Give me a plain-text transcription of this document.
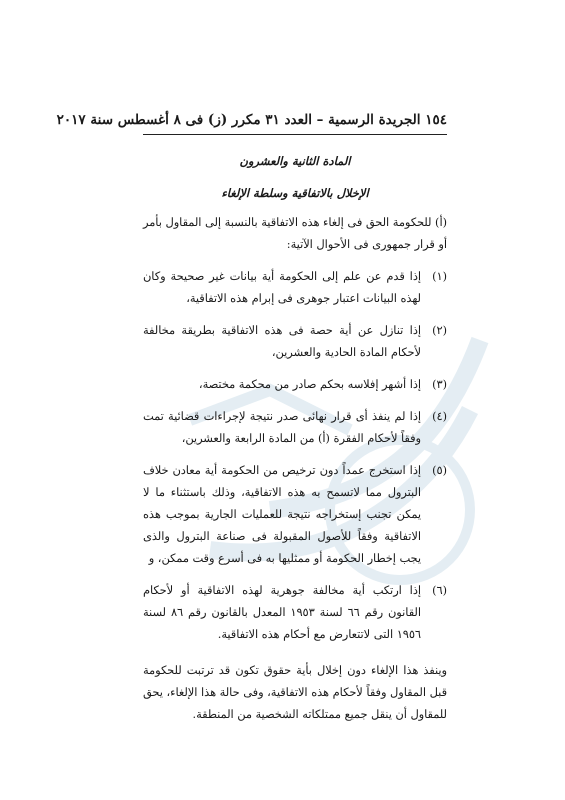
١٥٤ الجريدة الرسمية – العدد ٣١ مكرر (ز) فى ٨ أغسطس سنة ٢٠١٧

المادة الثانية والعشرون

الإخلال بالاتفاقية وسلطة الإلغاء

(أ) للحكومة الحق فى إلغاء هذه الاتفاقية بالنسبة إلى المقاول بأمر أو قرار جمهورى فى الأحوال الآتية:

(١)
إذا قدم عن علم إلى الحكومة أية بيانات غير صحيحة وكان لهذه البيانات اعتبار جوهرى فى إبرام هذه الاتفاقية،
(٢)
إذا تنازل عن أية حصة فى هذه الاتفاقية بطريقة مخالفة لأحكام المادة الحادية والعشرين،
(٣)
إذا أشهر إفلاسه بحكم صادر من محكمة مختصة،
(٤)
إذا لم ينفذ أى قرار نهائى صدر نتيجة لإجراءات قضائية تمت وفقاً لأحكام الفقرة (أ) من المادة الرابعة والعشرين،
(٥)
إذا استخرج عمداً دون ترخيص من الحكومة أية معادن خلاف البترول مما لاتسمح به هذه الاتفاقية، وذلك باستثناء ما لا يمكن تجنب إستخراجه نتيجة للعمليات الجارية بموجب هذه الاتفاقية وفقاً للأصول المقبولة فى صناعة البترول والذى يجب إخطار الحكومة أو ممثليها به فى أسرع وقت ممكن، و
(٦)
إذا ارتكب أية مخالفة جوهرية لهذه الاتفاقية أو لأحكام القانون رقم ٦٦ لسنة ١٩٥٣ المعدل بالقانون رقم ٨٦ لسنة ١٩٥٦ التى لاتتعارض مع أحكام هذه الاتفاقية.

وينفذ هذا الإلغاء دون إخلال بأية حقوق تكون قد ترتبت للحكومة قبل المقاول وفقاً لأحكام هذه الاتفاقية، وفى حالة هذا الإلغاء، يحق للمقاول أن ينقل جميع ممتلكاته الشخصية من المنطقة.
